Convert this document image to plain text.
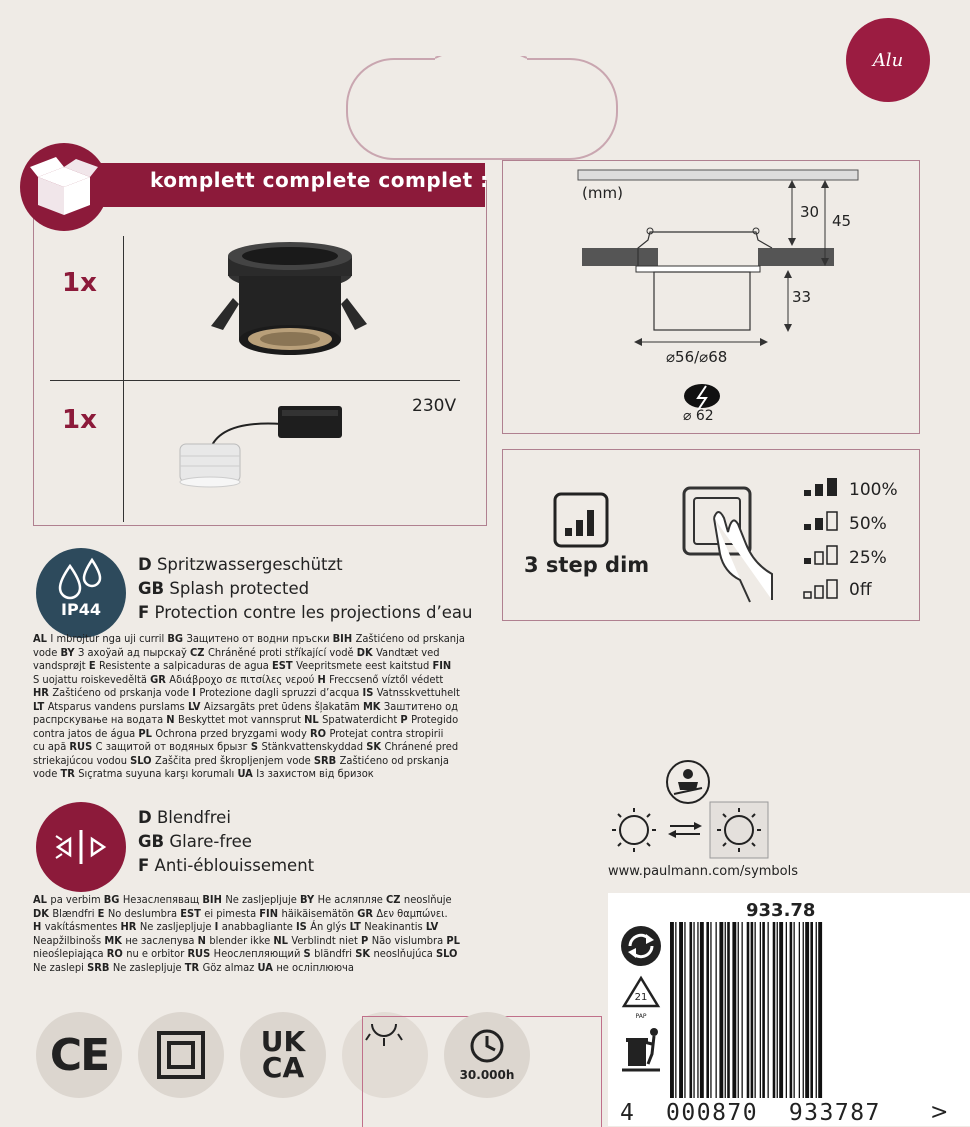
Alu
komplett complete complet :
1x
1x	230V
(mm)
30 45
33
⌀56/⌀68
⌀ 62
3 step dim
100%
50%
25%
0ff
IP44
D Spritzwassergeschützt
GB Splash protected
F Protection contre les projections d’eau

AL I mbrojtur nga uji curril BG Защитено от водни пръски BIH Zaštićeno od prskanja

vode BY З ахоўай ад пырскаў CZ Chráněné proti stříkající vodě DK Vandtæt ved

vandsprøjt E Resistente a salpicaduras de agua EST Veepritsmete eest kaitstud FIN

S uojattu roiskeveděltä GR Αδιάβροχο σε πιτσίλες νερού H Freccsenő víztől védett

HR Zaštićeno od prskanja vode I Protezione dagli spruzzi d’acqua IS Vatnsskvettuhelt

LT Atsparus vandens purslams LV Aizsargāts pret ūdens šļakatām MK Заштитено од

распрскување на водата N Beskyttet mot vannsprut NL Spatwaterdicht P Protegido

contra jatos de água PL Ochrona przed bryzgami wody RO Protejat contra stropirii

cu apă RUS С защитой от водяных брызг S Stänkvattenskyddad SK Chránené pred

striekajúcou vodou SLO Zaščita pred škropljenjem vode SRB Zaštićeno od prskanja

vode TR Sıçratma suyuna karşı korumalı UA Із захистом від бризок

D Blendfrei
GB Glare-free
F Anti-éblouissement

AL pa verbim BG Незаслепяващ BIH Ne zasljepljuje BY Не асляпляе CZ neoslňuje

DK Blændfri E No deslumbra EST ei pimesta FIN häikäisemätön GR Δεν θαμπώνει.

H vakításmentes HR Ne zasljepljuje I anabbagliante IS Án glýs LT Neakinantis LV

Neapžilbinošs MK не заслепува N blender ikke NL Verblindt niet P Não vislumbra PL

nieoślepiająca RO nu e orbitor RUS Неослепляющий S bländfri SK neoslňujúca SLO

Ne zaslepi SRB Ne zaslepljuje TR Göz almaz UA не осліплююча

www.paulmann.com/symbols
933.78
21
PAP
4  000870  933787 >
CE	UK
CA	30.000h
